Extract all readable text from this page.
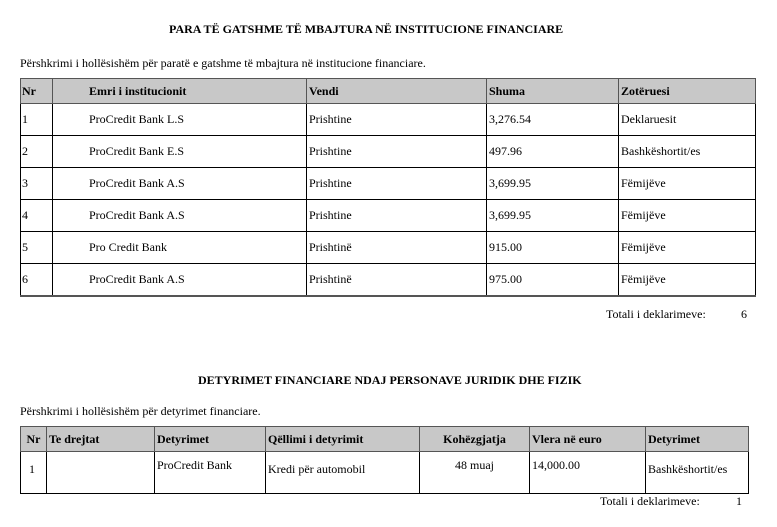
PARA TË GATSHME TË MBAJTURA NË INSTITUCIONE FINANCIARE
Përshkrimi i hollësishëm për paratë e gatshme të mbajtura në institucione financiare.
Nr	Emri i institucionit	Vendi	Shuma	Zotëruesi
1	ProCredit Bank L.S	Prishtine	3,276.54	Deklaruesit
2	ProCredit Bank E.S	Prishtine	497.96	Bashkëshortit/es
3	ProCredit Bank A.S	Prishtine	3,699.95	Fëmijëve
4	ProCredit Bank A.S	Prishtine	3,699.95	Fëmijëve
5	Pro Credit Bank	Prishtinë	915.00	Fëmijëve
6	ProCredit Bank A.S	Prishtinë	975.00	Fëmijëve
Totali i deklarimeve:	6
DETYRIMET FINANCIARE NDAJ PERSONAVE JURIDIK DHE FIZIK
Përshkrimi i hollësishëm për detyrimet financiare.
Nr	Te drejtat	Detyrimet	Qëllimi i detyrimit	Kohëzgjatja	Vlera në euro	Detyrimet
1		ProCredit Bank	Kredi për automobil	48 muaj	14,000.00	Bashkëshortit/es
Totali i deklarimeve:	1
